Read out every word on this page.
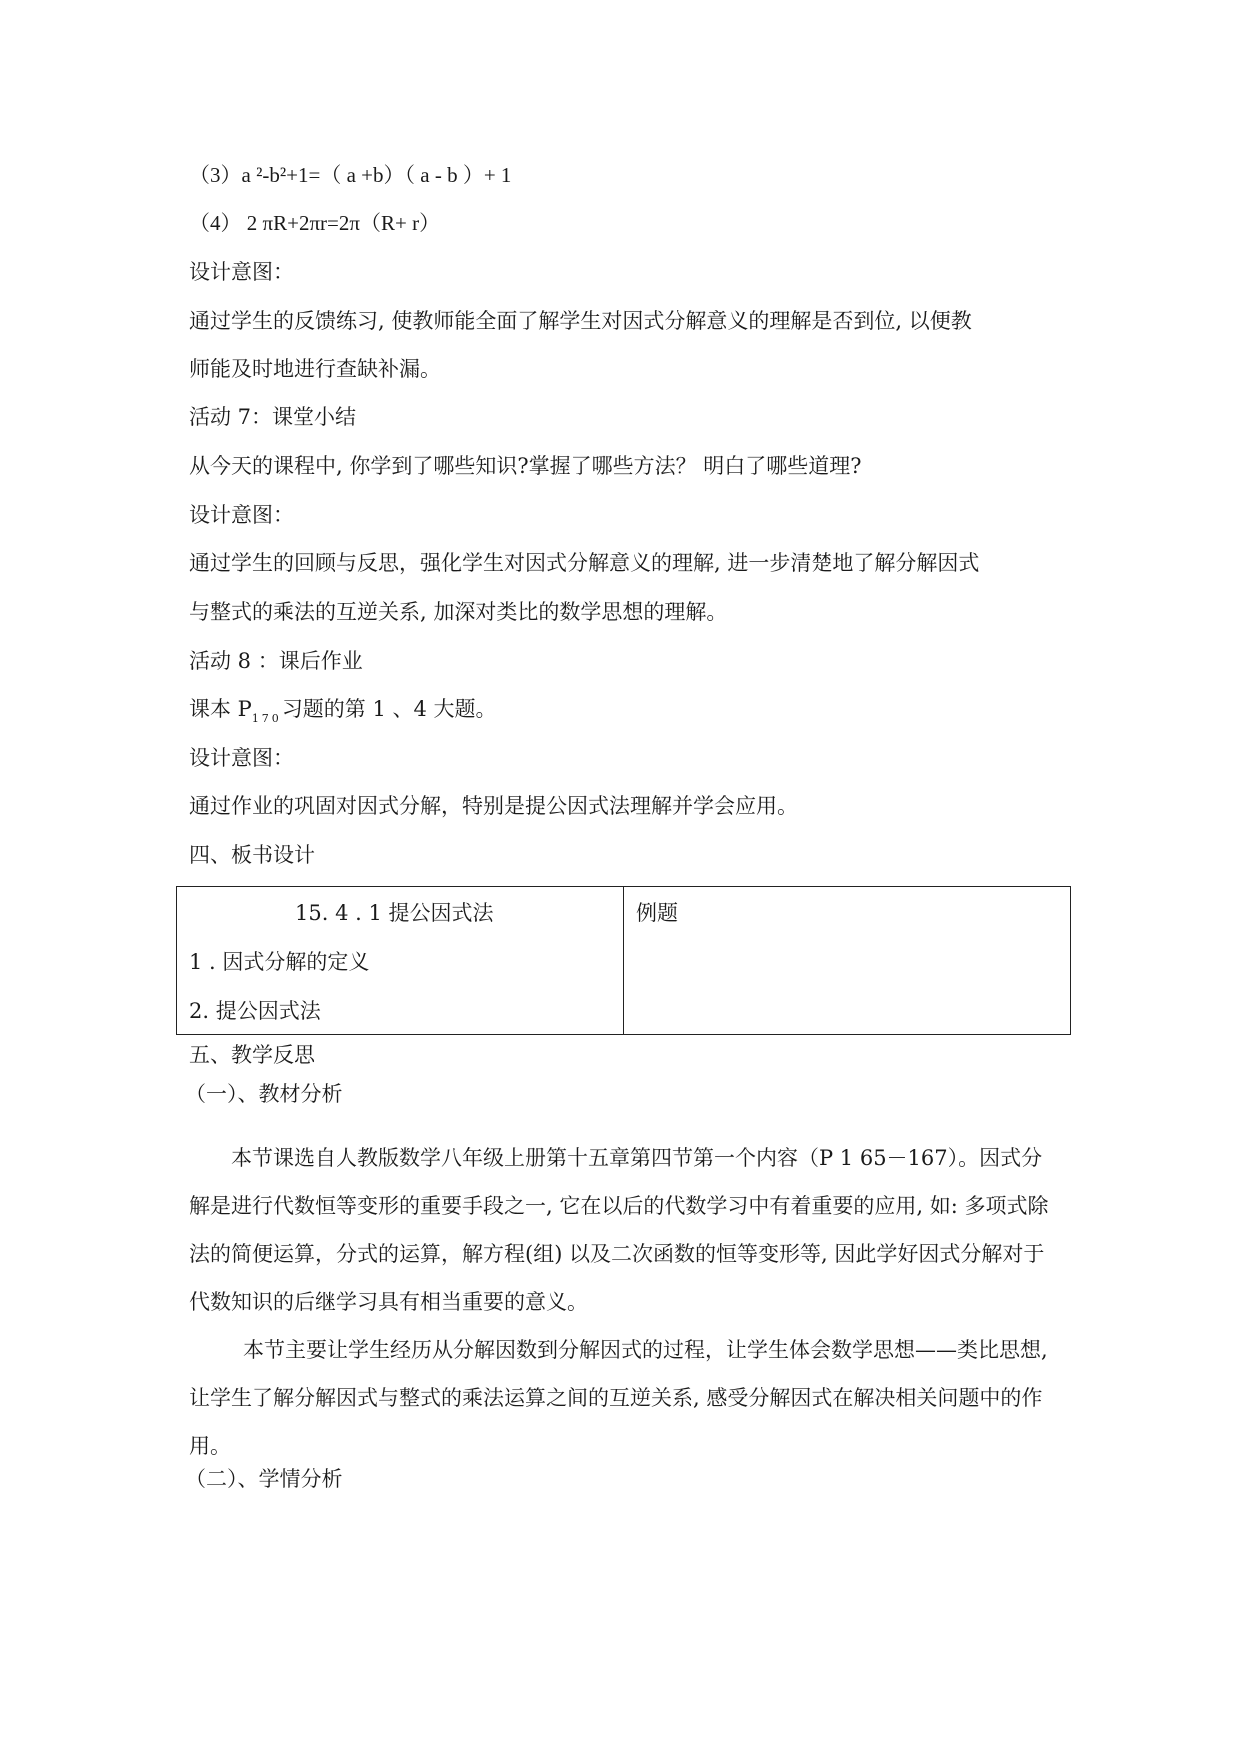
（3）a ²-b²+1=（ a +b）（ a - b ）+ 1
（4） 2 πR+2πr=2π（R+ r）
设计意图：
通过学生的反馈练习, 使教师能全面了解学生对因式分解意义的理解是否到位, 以便教
师能及时地进行查缺补漏。
活动 7：课堂小结
从今天的课程中, 你学到了哪些知识?掌握了哪些方法？ 明白了哪些道理?
设计意图：
通过学生的回顾与反思，强化学生对因式分解意义的理解, 进一步清楚地了解分解因式
与整式的乘法的互逆关系, 加深对类比的数学思想的理解。
活动 8 ：课后作业
课本 $P_{170}$习题的第 1 、4 大题。
设计意图：
通过作业的巩固对因式分解，特别是提公因式法理解并学会应用。
四、板书设计
15. 4 . 1 提公因式法
1 . 因式分解的定义
2. 提公因式法
例题
五、教学反思
（一）、教材分析
本节课选自人教版数学八年级上册第十五章第四节第一个内容（P 1 65－167）。因式分解是进行代数恒等变形的重要手段之一, 它在以后的代数学习中有着重要的应用, 如: 多项式除法的简便运算，分式的运算，解方程(组) 以及二次函数的恒等变形等, 因此学好因式分解对于代数知识的后继学习具有相当重要的意义。
本节主要让学生经历从分解因数到分解因式的过程，让学生体会数学思想——类比思想, 让学生了解分解因式与整式的乘法运算之间的互逆关系, 感受分解因式在解决相关问题中的作用。
（二）、学情分析
